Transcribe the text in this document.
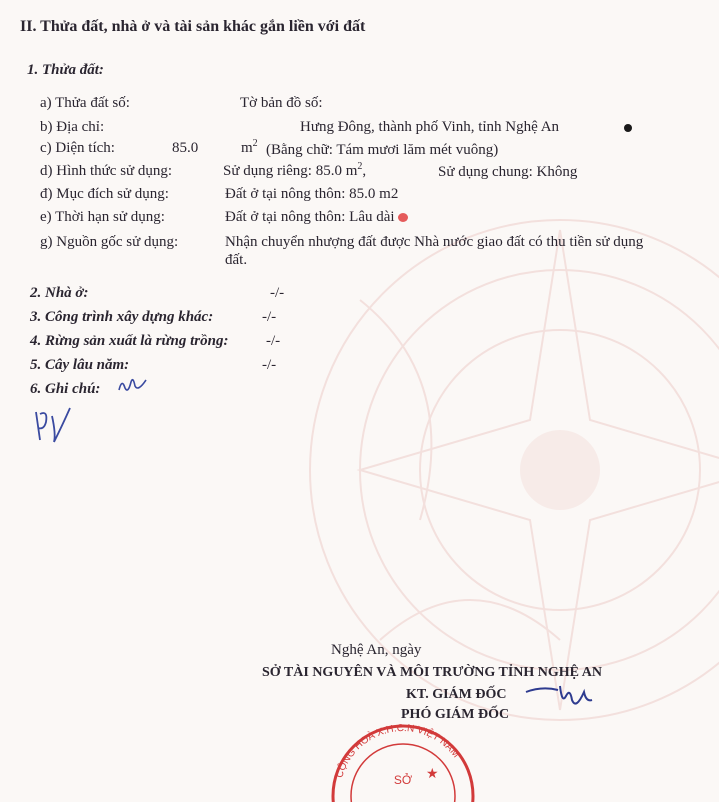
II. Thửa đất, nhà ở và tài sản khác gắn liền với đất
1. Thửa đất:
a) Thửa đất số:	Tờ bản đồ số:
b) Địa chỉ:	Hưng Đông, thành phố Vinh, tỉnh Nghệ An
c) Diện tích:	85.0	$m^2$ (Bằng chữ: Tám mươi lăm mét vuông)
d) Hình thức sử dụng:	Sử dụng riêng: 85.0 $m^2$,	Sử dụng chung: Không
đ) Mục đích sử dụng:	Đất ở tại nông thôn: 85.0 m2
e) Thời hạn sử dụng:	Đất ở tại nông thôn: Lâu dài
g) Nguồn gốc sử dụng:	Nhận chuyển nhượng đất được Nhà nước giao đất có thu tiền sử dụng
đất.
2. Nhà ở:	-/-
3. Công trình xây dựng khác:	-/-
4. Rừng sản xuất là rừng trồng:	-/-
5. Cây lâu năm:	-/-
6. Ghi chú:
Nghệ An, ngày
SỞ TÀI NGUYÊN VÀ MÔI TRƯỜNG TỈNH NGHỆ AN
KT. GIÁM ĐỐC
PHÓ GIÁM ĐỐC
CỘNG HOÀ X.H.C.N VIỆT NAM
SỞ ★
